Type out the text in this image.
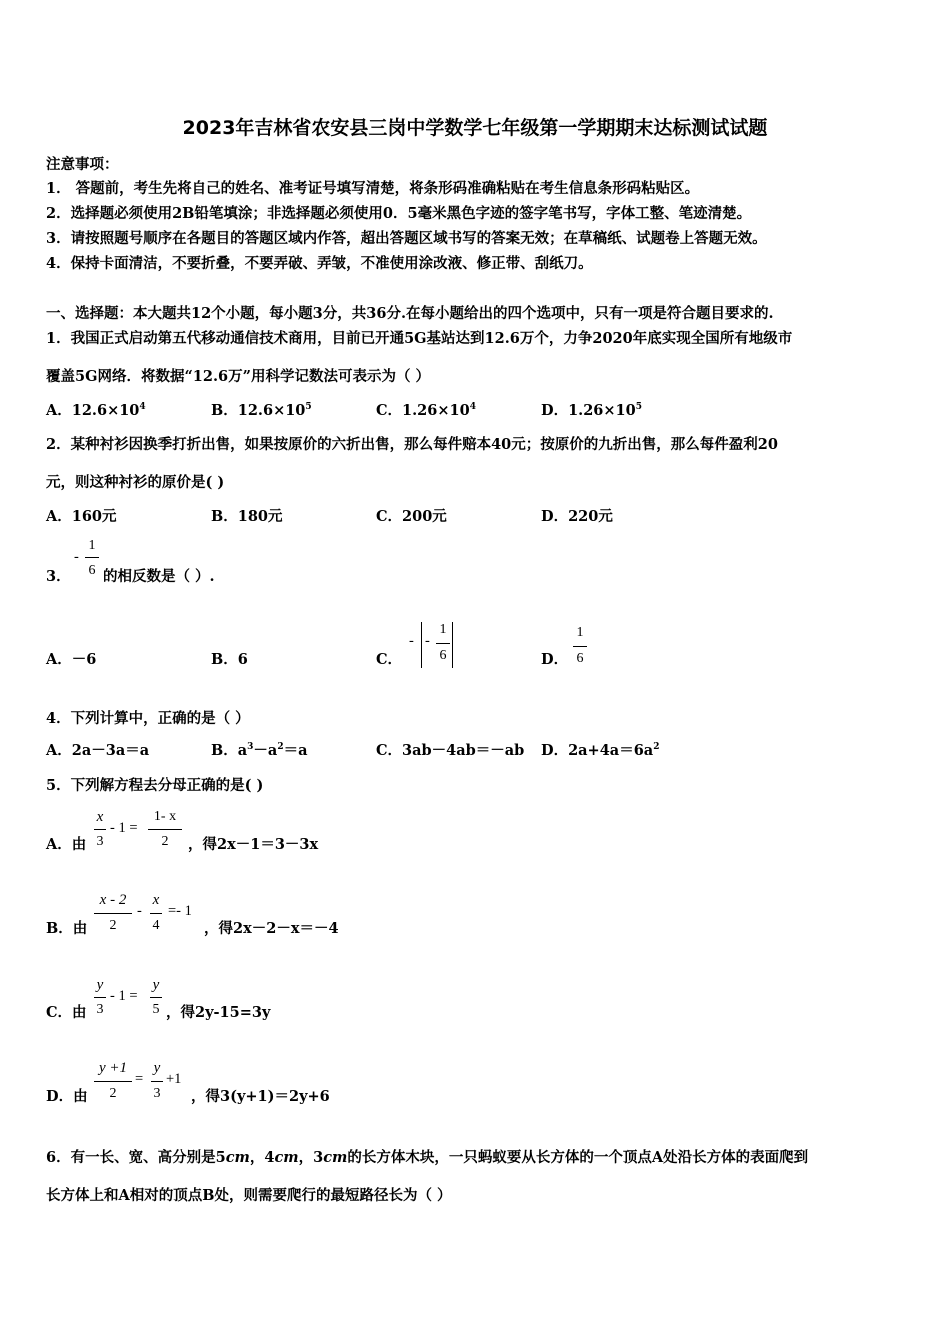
2023年吉林省农安县三岗中学数学七年级第一学期期末达标测试试题
注意事项：
1． 答题前，考生先将自己的姓名、准考证号填写清楚，将条形码准确粘贴在考生信息条形码粘贴区。
2．选择题必须使用2B铅笔填涂；非选择题必须使用0．5毫米黑色字迹的签字笔书写，字体工整、笔迹清楚。
3．请按照题号顺序在各题目的答题区域内作答，超出答题区域书写的答案无效；在草稿纸、试题卷上答题无效。
4．保持卡面清洁，不要折叠，不要弄破、弄皱，不准使用涂改液、修正带、刮纸刀。
一、选择题：本大题共12个小题，每小题3分，共36分.在每小题给出的四个选项中，只有一项是符合题目要求的.
1．我国正式启动第五代移动通信技术商用，目前已开通5G基站达到12.6万个，力争2020年底实现全国所有地级市
覆盖5G网络．将数据“12.6万”用科学记数法可表示为（ ）
A．$12.6\times 10^4$	B．$12.6\times 10^5$	C．$1.26\times 10^4$	D．$1.26\times 10^5$
2．某种衬衫因换季打折出售，如果按原价的六折出售，那么每件赔本40元；按原价的九折出售，那么每件盈利20
元，则这种衬衫的原价是( )
A．160元	B．180元	C．200元	D．220元
3．
-
1
6 的相反数是（ ）.
A．－6	B．6	C．
- -
1
6	D．
1
6
4．下列计算中，正确的是（ ）
A．2a－3a＝a	B．$a^3-a^2=a$	C．3ab－4ab＝－ab D．$2a+4a=6a^2$
5．下列解方程去分母正确的是( )
A．由
x
3
- 1 =
1- x
2	，得2x－1＝3－3x
B．由
x - 2
2
-
x
4
=- 1
，得2x－2－x＝－4
C．由
y
3
- 1 =
y
5 ，得2y-15=3y
D．由
y +1
2
=
y
3
+1
，得3(y+1)＝2y+6
6．有一长、宽、高分别是5cm，4cm，3cm的长方体木块，一只蚂蚁要从长方体的一个顶点A处沿长方体的表面爬到
长方体上和A相对的顶点B处，则需要爬行的最短路径长为（ ）
